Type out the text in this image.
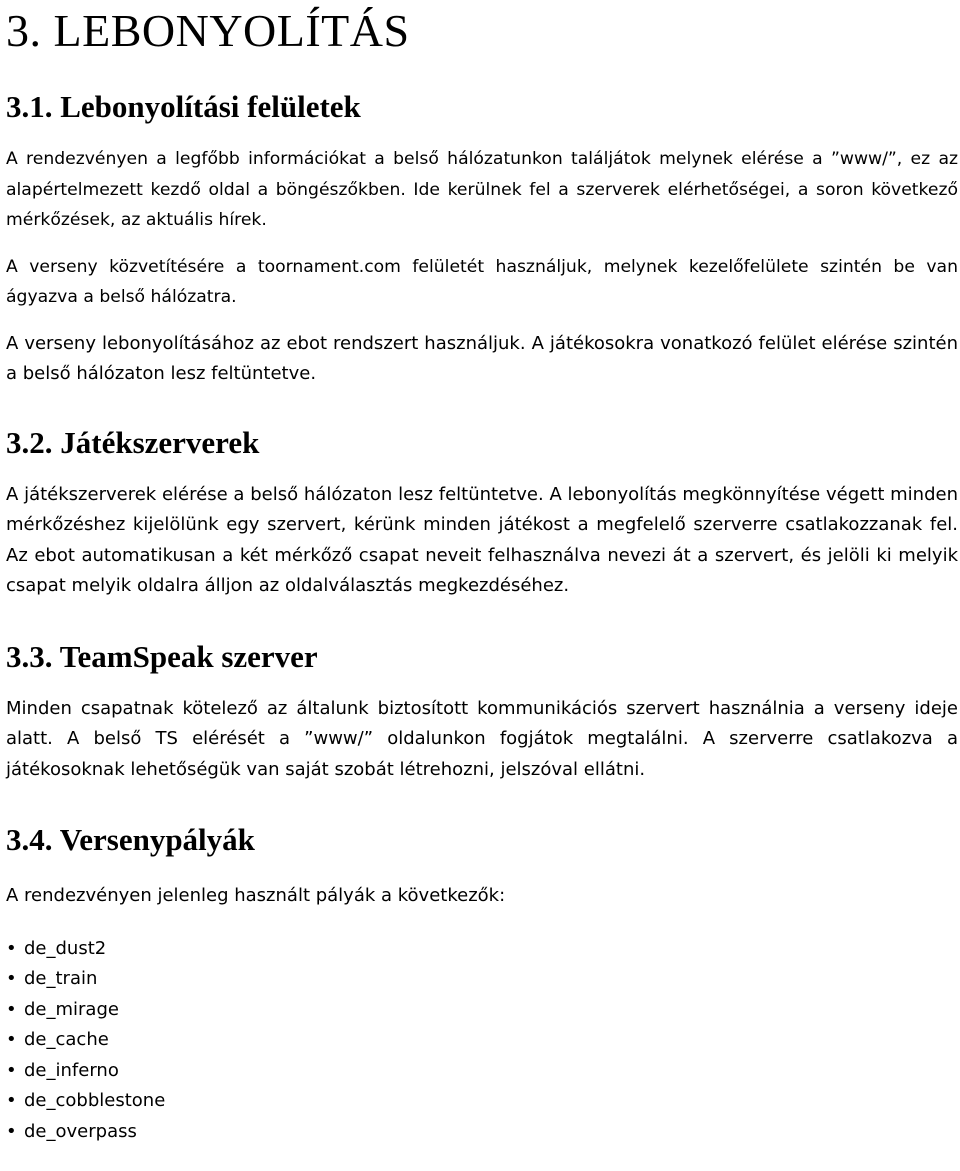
3. LEBONYOLÍTÁS
3.1. Lebonyolítási felületek

A rendezvényen a legfőbb információkat a belső hálózatunkon találjátok melynek elérése a ”www/”, ez az alapértelmezett kezdő oldal a böngészőkben. Ide kerülnek fel a szerverek elérhetőségei, a soron következő mérkőzések, az aktuális hírek.

A verseny közvetítésére a toornament.com felületét használjuk, melynek kezelőfelülete szintén be van ágyazva a belső hálózatra.

A verseny lebonyolításához az ebot rendszert használjuk. A játékosokra vonatkozó felület elérése szintén a belső hálózaton lesz feltüntetve.

3.2. Játékszerverek

A játékszerverek elérése a belső hálózaton lesz feltüntetve. A lebonyolítás megkönnyítése végett minden mérkőzéshez kijelölünk egy szervert, kérünk minden játékost a megfelelő szerverre csatlakozzanak fel. Az ebot automatikusan a két mérkőző csapat neveit felhasználva nevezi át a szervert, és jelöli ki melyik csapat melyik oldalra álljon az oldalválasztás megkezdéséhez.

3.3. TeamSpeak szerver

Minden csapatnak kötelező az általunk biztosított kommunikációs szervert használnia a verseny ideje alatt. A belső TS elérését a ”www/” oldalunkon fogjátok megtalálni. A szerverre csatlakozva a játékosoknak lehetőségük van saját szobát létrehozni, jelszóval ellátni.

3.4. Versenypályák

A rendezvényen jelenleg használt pályák a következők:

• de_dust2
• de_train
• de_mirage
• de_cache
• de_inferno
• de_cobblestone
• de_overpass
